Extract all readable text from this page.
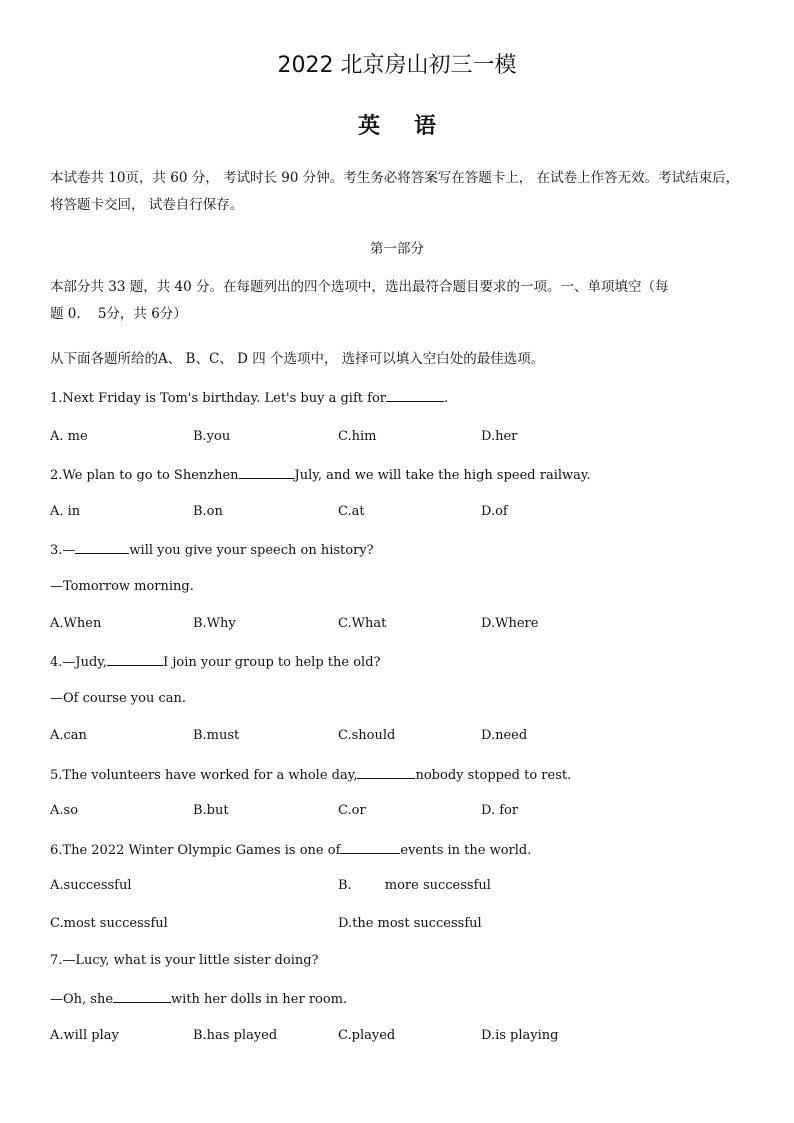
2022 北京房山初三一模
英语
本试卷共 10页，共 60 分， 考试时长 90 分钟。考生务必将答案写在答题卡上， 在试卷上作答无效。考试结束后，
将答题卡交回， 试卷自行保存。
第一部分
本部分共 33 题，共 40 分。在每题列出的四个选项中，选出最符合题目要求的一项。一、单项填空（每
题 0.    5分，共 6分）
从下面各题所给的A、 B、C、 D 四 个选项中， 选择可以填入空白处的最佳选项。
1.Next Friday is Tom's birthday. Let's buy a gift for	.
A. me	B.you	C.him	D.her
2.We plan to go to Shenzhen	July, and we will take the high speed railway.
A. in	B.on	C.at	D.of
3.—	will you give your speech on history?
—Tomorrow morning.
A.When	B.Why	C.What	D.Where
4.—Judy,	I join your group to help the old?
—Of course you can.
A.can	B.must	C.should	D.need
5.The volunteers have worked for a whole day,	nobody stopped to rest.
A.so	B.but	C.or	D. for
6.The 2022 Winter Olympic Games is one of	events in the world.
A.successful	B.        more successful
C.most successful	D.the most successful
7.—Lucy, what is your little sister doing?
—Oh, she	with her dolls in her room.
A.will play	B.has played	C.played	D.is playing
